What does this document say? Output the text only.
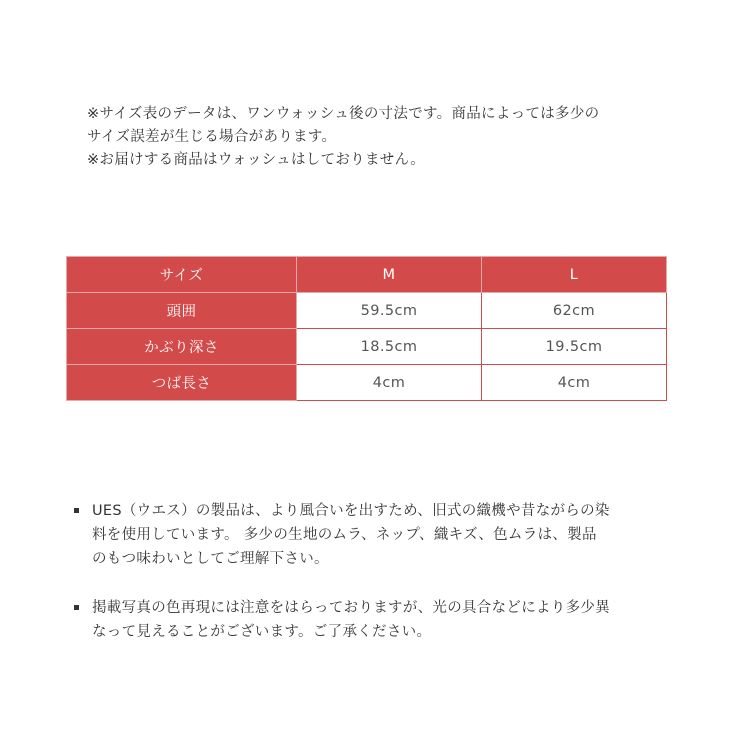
※サイズ表のデータは、ワンウォッシュ後の寸法です。商品によっては多少の

サイズ誤差が生じる場合があります。

※お届けする商品はウォッシュはしておりません。

サイズ	M	L
頭囲	59.5cm	62cm
かぶり深さ	18.5cm	19.5cm
つば長さ	4cm	4cm

UES（ウエス）の製品は、より風合いを出すため、旧式の織機や昔ながらの染

料を使用しています。 多少の生地のムラ、ネップ、織キズ、色ムラは、製品

のもつ味わいとしてご理解下さい。

掲載写真の色再現には注意をはらっておりますが、光の具合などにより多少異

なって見えることがございます。ご了承ください。
